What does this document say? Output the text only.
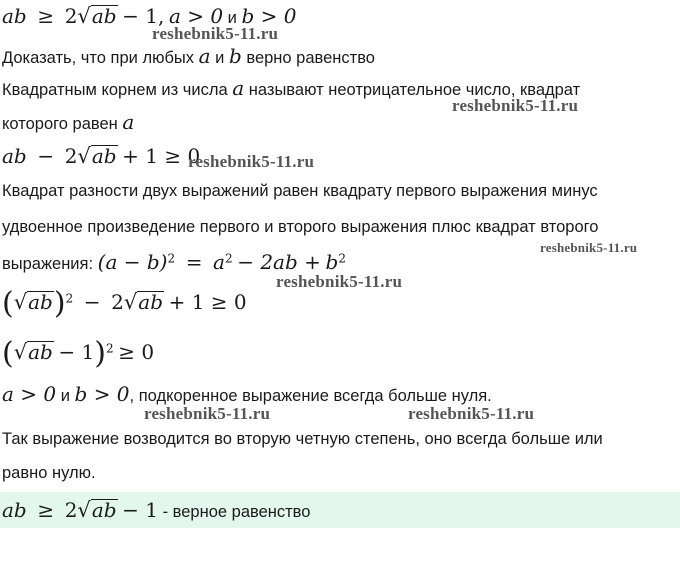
ab ≥ 2√ab − 1, a > 0 и b > 0
Доказать, что при любых a и b верно равенство
Квадратным корнем из числа a называют неотрицательное число, квадрат
которого равен a
ab − 2√ab + 1 ≥ 0
Квадрат разности двух выражений равен квадрату первого выражения минус
удвоенное произведение первого и второго выражения плюс квадрат второго
выражения: $(a - b)^2 = a^2 - 2ab + b^2$
$(√ab)^2 - 2√ab + 1 \ge 0$
$(√ab - 1)^2 \ge 0$
a > 0 и b > 0, подкоренное выражение всегда больше нуля.
Так выражение возводится во вторую четную степень, оно всегда больше или
равно нулю.
ab ≥ 2√ab − 1 - верное равенство
reshebnik5-11.ru
reshebnik5-11.ru
reshebnik5-11.ru
reshebnik5-11.ru
reshebnik5-11.ru
reshebnik5-11.ru	reshebnik5-11.ru
